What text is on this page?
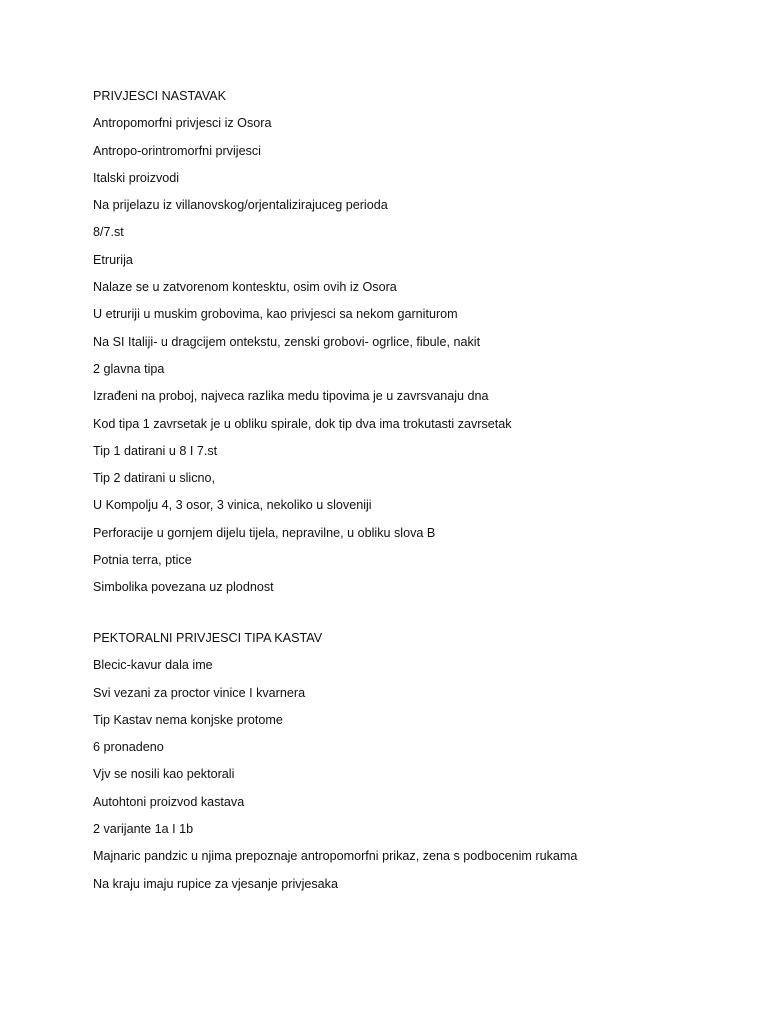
PRIVJESCI NASTAVAK
Antropomorfni privjesci iz Osora
Antropo-orintromorfni prvijesci
Italski proizvodi
Na prijelazu iz villanovskog/orjentalizirajuceg perioda
8/7.st
Etrurija
Nalaze se u zatvorenom kontesktu, osim ovih iz Osora
U etruriji u muskim grobovima, kao privjesci sa nekom garniturom
Na SI Italiji- u dragcijem ontekstu, zenski grobovi- ogrlice, fibule, nakit
2 glavna tipa
Izrađeni na proboj, najveca razlika medu tipovima je u zavrsvanaju dna
Kod tipa 1 zavrsetak je u obliku spirale, dok tip dva ima trokutasti zavrsetak
Tip 1 datirani u 8 I 7.st
Tip 2 datirani u slicno,
U Kompolju 4, 3 osor, 3 vinica, nekoliko u sloveniji
Perforacije u gornjem dijelu tijela, nepravilne, u obliku slova B
Potnia terra, ptice
Simbolika povezana uz plodnost
PEKTORALNI PRIVJESCI TIPA KASTAV
Blecic-kavur dala ime
Svi vezani za proctor vinice I kvarnera
Tip Kastav nema konjske protome
6 pronadeno
Vjv se nosili kao pektorali
Autohtoni proizvod kastava
2 varijante 1a I 1b
Majnaric pandzic u njima prepoznaje antropomorfni prikaz, zena s podbocenim rukama
Na kraju imaju rupice za vjesanje privjesaka
